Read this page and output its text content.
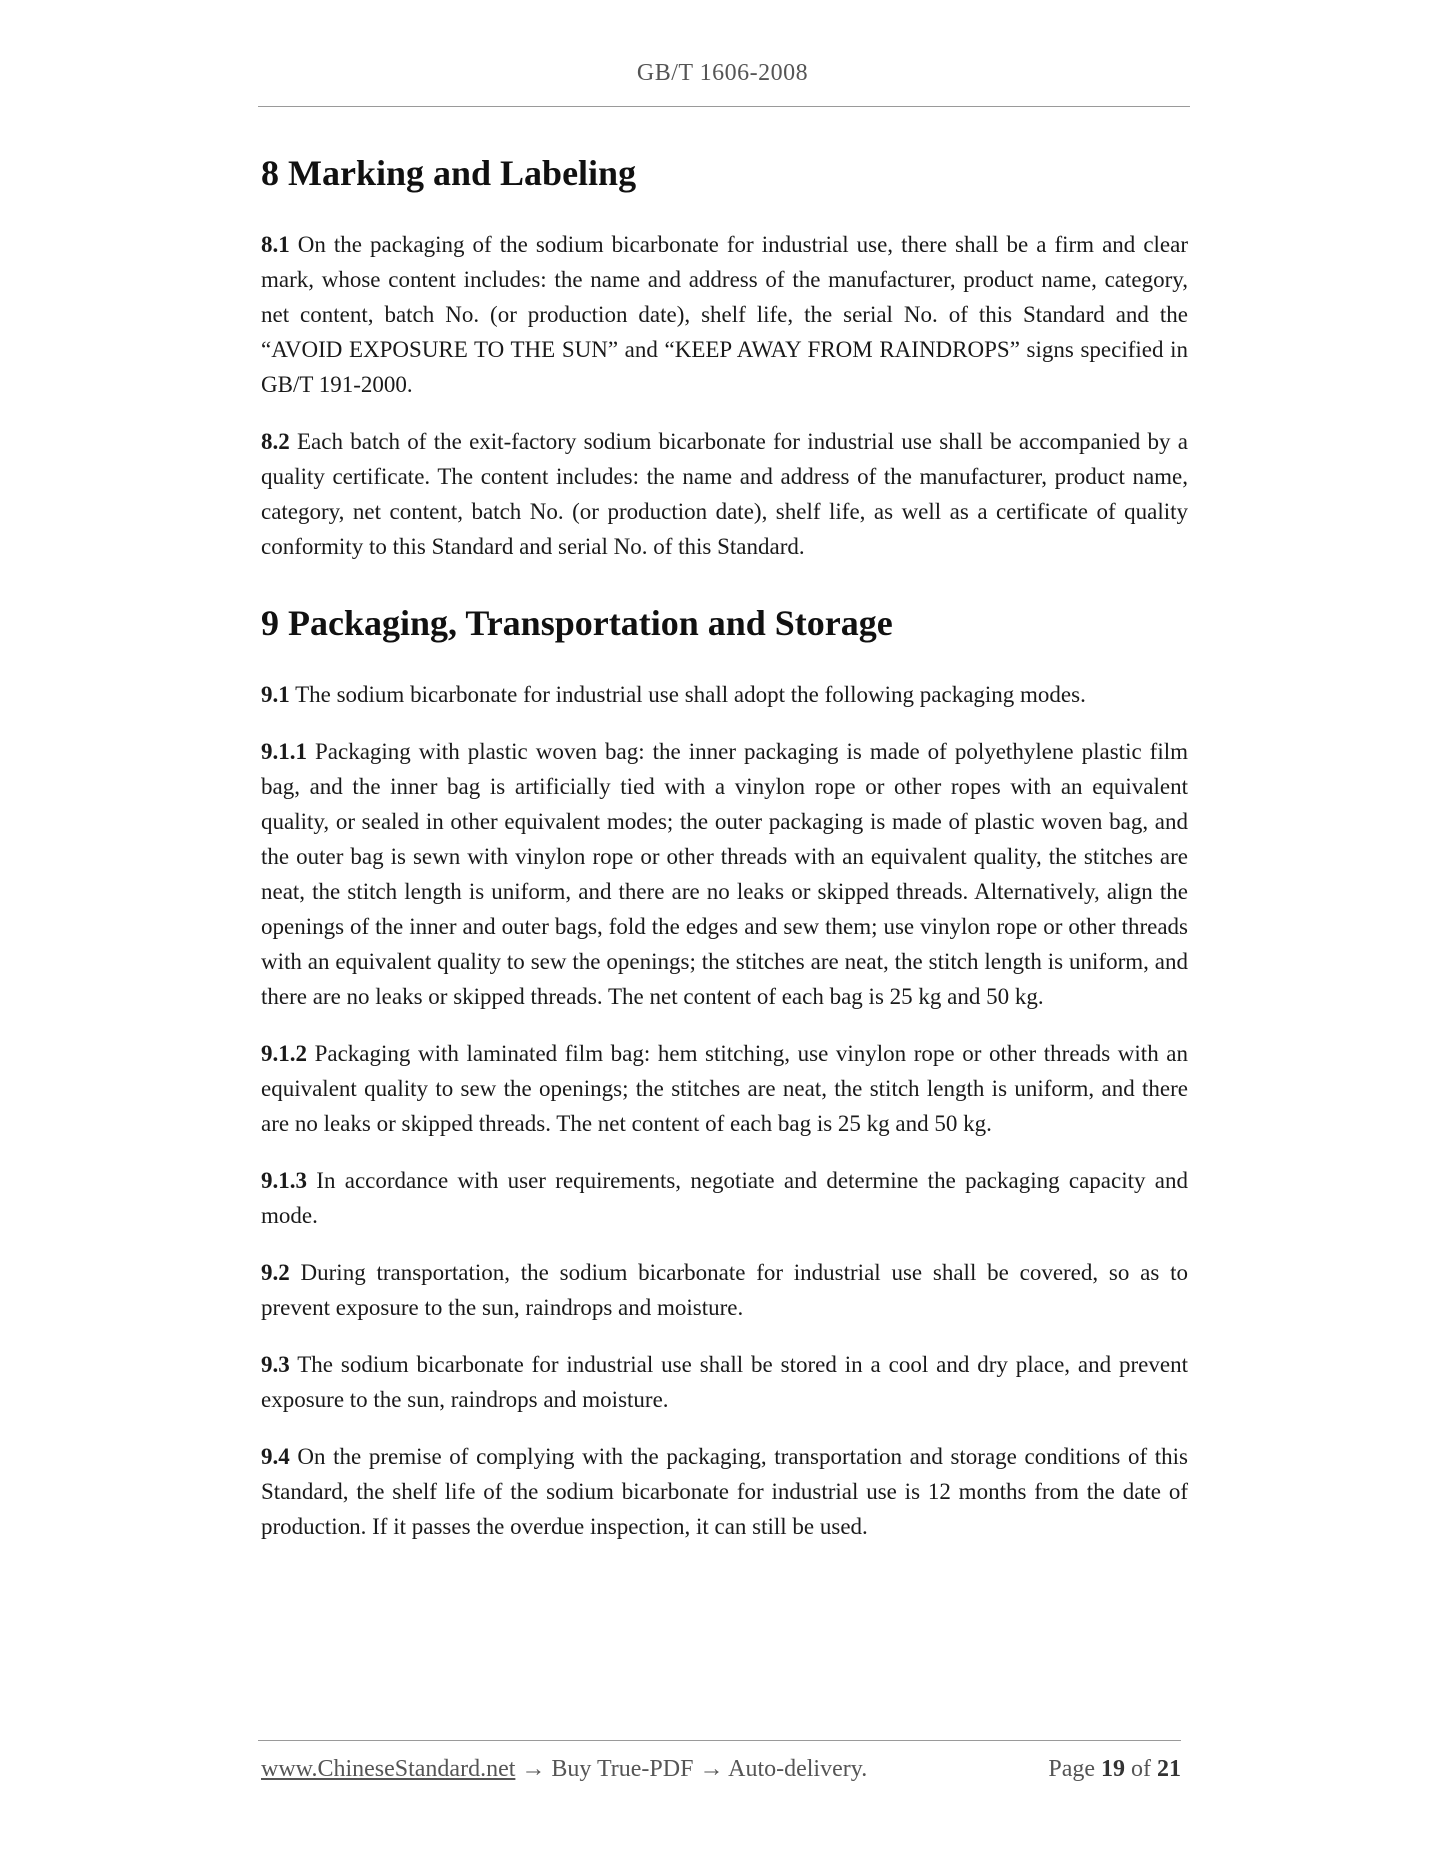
GB/T 1606-2008
8 Marking and Labeling

8.1 On the packaging of the sodium bicarbonate for industrial use, there shall be a firm and clear mark, whose content includes: the name and address of the manufacturer, product name, category, net content, batch No. (or production date), shelf life, the serial No. of this Standard and the “AVOID EXPOSURE TO THE SUN” and “KEEP AWAY FROM RAINDROPS” signs specified in GB/T 191-2000.

8.2 Each batch of the exit-factory sodium bicarbonate for industrial use shall be accompanied by a quality certificate. The content includes: the name and address of the manufacturer, product name, category, net content, batch No. (or production date), shelf life, as well as a certificate of quality conformity to this Standard and serial No. of this Standard.

9 Packaging, Transportation and Storage

9.1 The sodium bicarbonate for industrial use shall adopt the following packaging modes.

9.1.1 Packaging with plastic woven bag: the inner packaging is made of polyethylene plastic film bag, and the inner bag is artificially tied with a vinylon rope or other ropes with an equivalent quality, or sealed in other equivalent modes; the outer packaging is made of plastic woven bag, and the outer bag is sewn with vinylon rope or other threads with an equivalent quality, the stitches are neat, the stitch length is uniform, and there are no leaks or skipped threads. Alternatively, align the openings of the inner and outer bags, fold the edges and sew them; use vinylon rope or other threads with an equivalent quality to sew the openings; the stitches are neat, the stitch length is uniform, and there are no leaks or skipped threads. The net content of each bag is 25 kg and 50 kg.

9.1.2 Packaging with laminated film bag: hem stitching, use vinylon rope or other threads with an equivalent quality to sew the openings; the stitches are neat, the stitch length is uniform, and there are no leaks or skipped threads. The net content of each bag is 25 kg and 50 kg.

9.1.3 In accordance with user requirements, negotiate and determine the packaging capacity and mode.

9.2 During transportation, the sodium bicarbonate for industrial use shall be covered, so as to prevent exposure to the sun, raindrops and moisture.

9.3 The sodium bicarbonate for industrial use shall be stored in a cool and dry place, and prevent exposure to the sun, raindrops and moisture.

9.4 On the premise of complying with the packaging, transportation and storage conditions of this Standard, the shelf life of the sodium bicarbonate for industrial use is 12 months from the date of production. If it passes the overdue inspection, it can still be used.

www.ChineseStandard.net → Buy True-PDF → Auto-delivery.	Page 19 of 21
